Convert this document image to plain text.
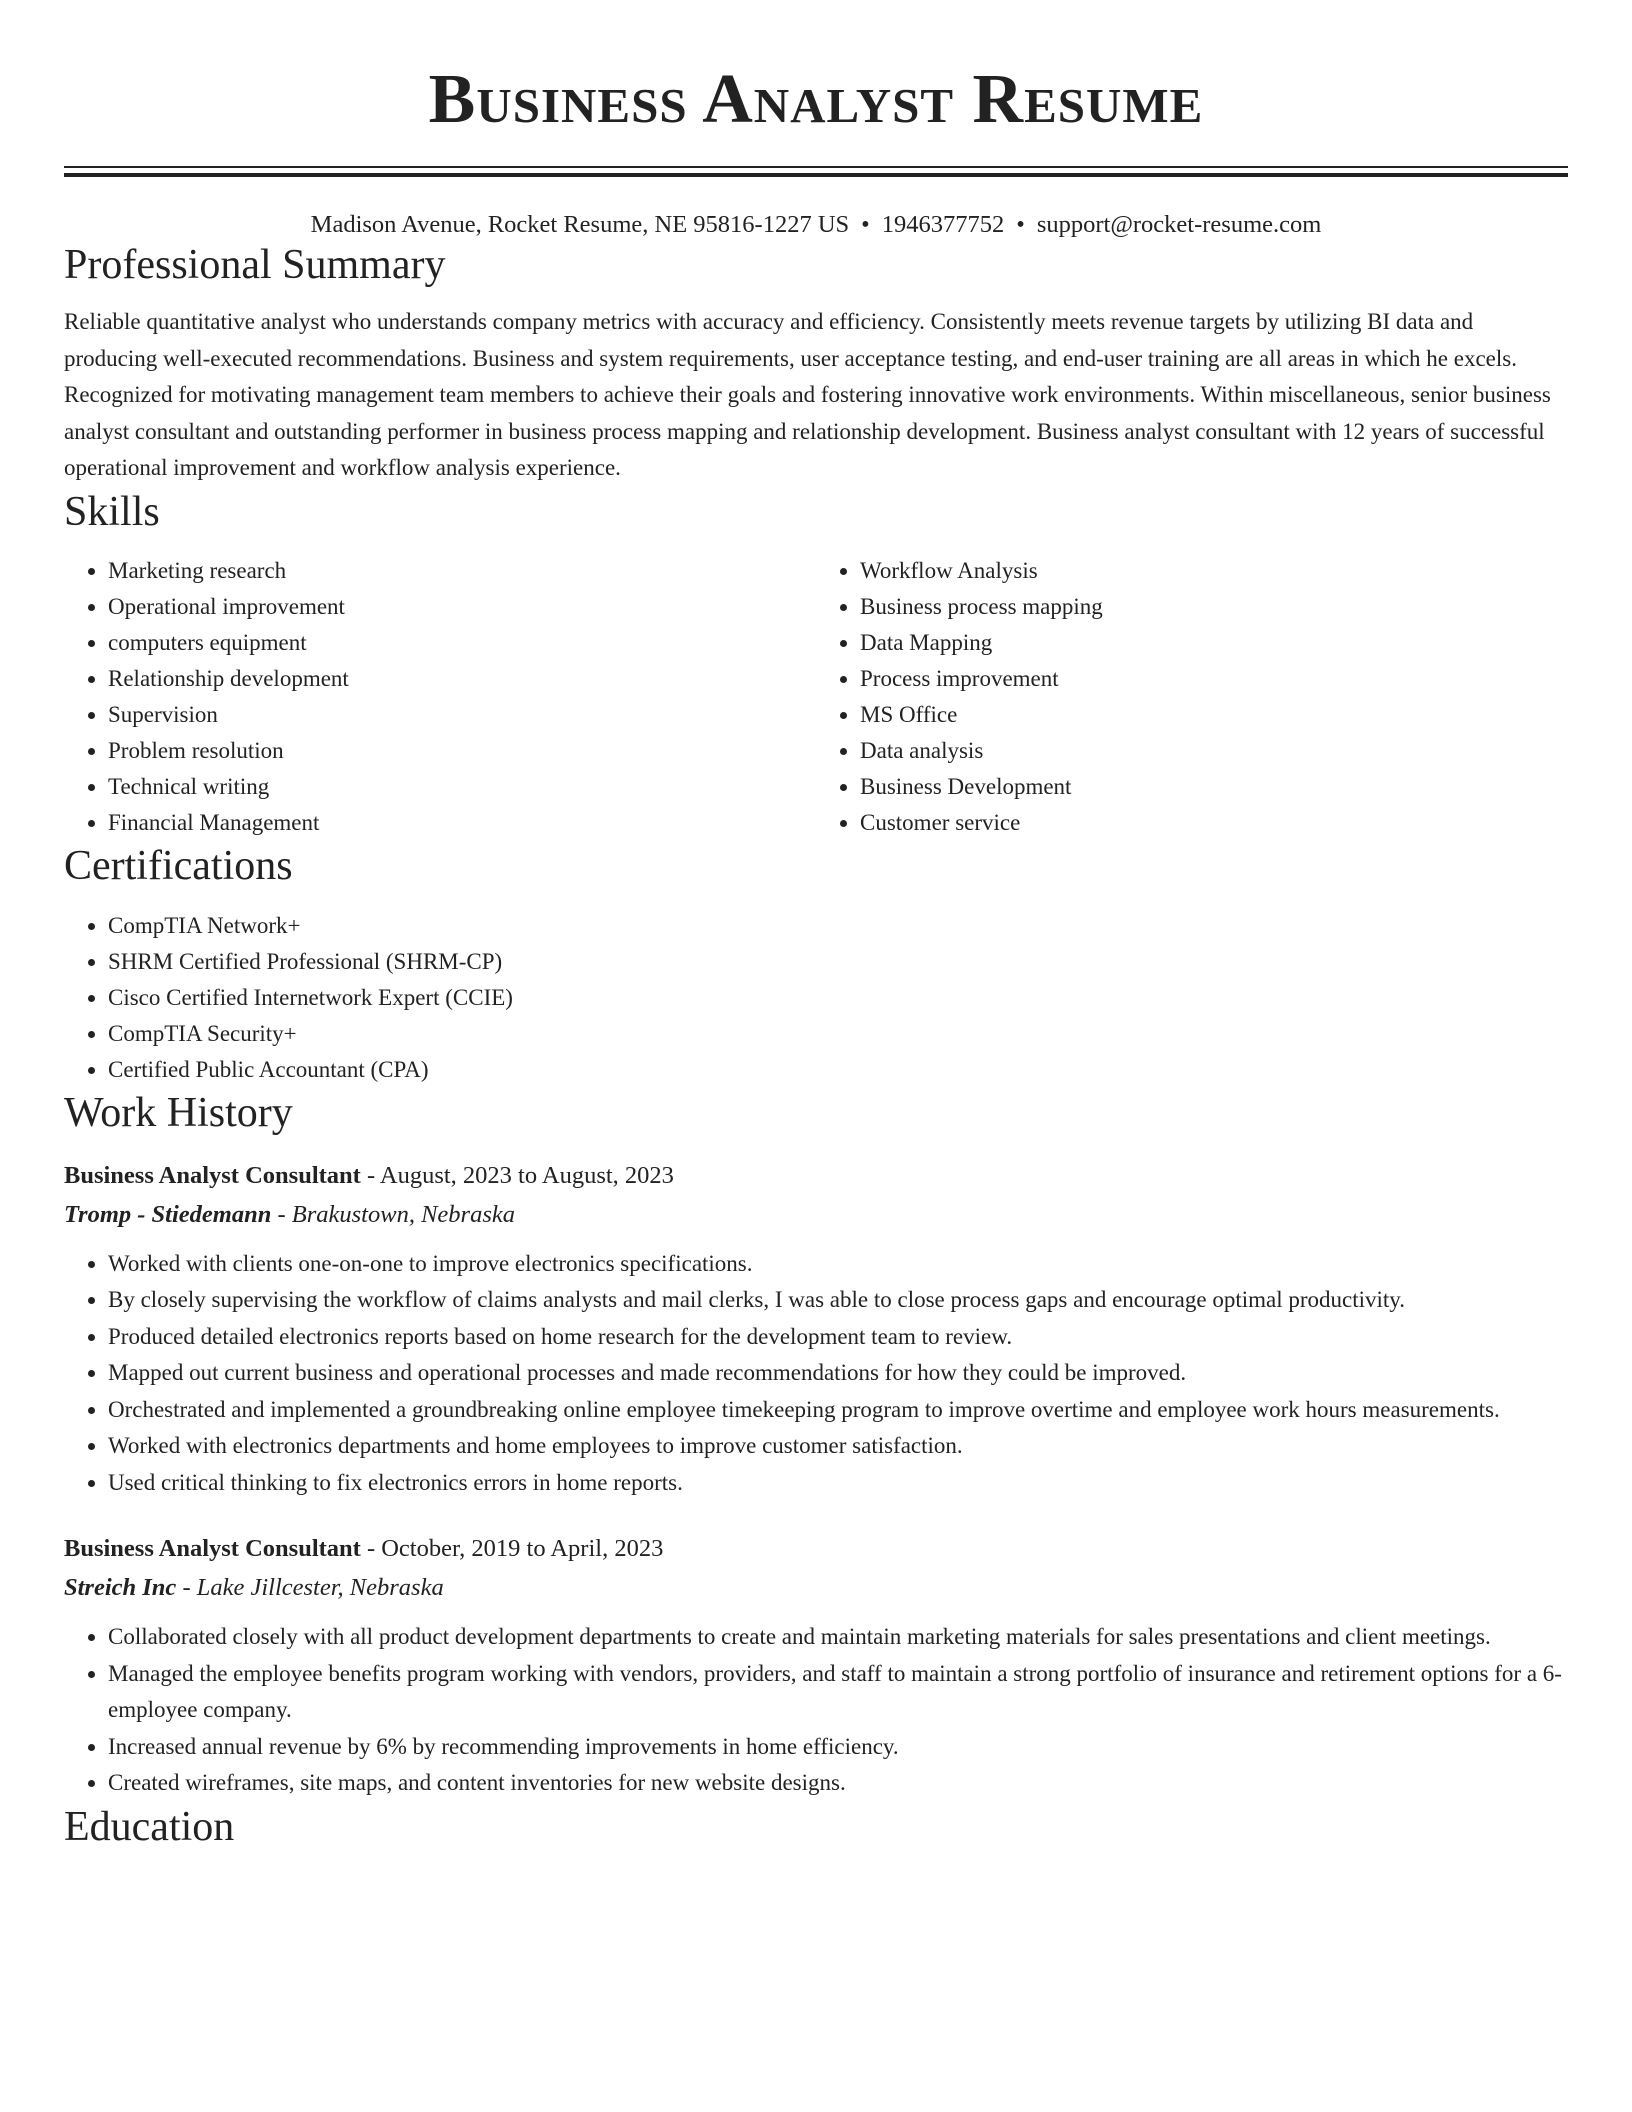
Business Analyst Resume
Madison Avenue, Rocket Resume, NE 95816-1227 US • 1946377752 • support@rocket-resume.com
Professional Summary

Reliable quantitative analyst who understands company metrics with accuracy and efficiency. Consistently meets revenue targets by utilizing BI data and producing well-executed recommendations. Business and system requirements, user acceptance testing, and end-user training are all areas in which he excels. Recognized for motivating management team members to achieve their goals and fostering innovative work environments. Within miscellaneous, senior business analyst consultant and outstanding performer in business process mapping and relationship development. Business analyst consultant with 12 years of successful operational improvement and workflow analysis experience.

Skills
• Marketing research
• Operational improvement
• computers equipment
• Relationship development
• Supervision
• Problem resolution
• Technical writing
• Financial Management
• Workflow Analysis
• Business process mapping
• Data Mapping
• Process improvement
• MS Office
• Data analysis
• Business Development
• Customer service
Certifications
• CompTIA Network+
• SHRM Certified Professional (SHRM-CP)
• Cisco Certified Internetwork Expert (CCIE)
• CompTIA Security+
• Certified Public Accountant (CPA)
Work History
Business Analyst Consultant - August, 2023 to August, 2023
Tromp - Stiedemann - Brakustown, Nebraska
• Worked with clients one-on-one to improve electronics specifications.
• By closely supervising the workflow of claims analysts and mail clerks, I was able to close process gaps and encourage optimal productivity.
• Produced detailed electronics reports based on home research for the development team to review.
• Mapped out current business and operational processes and made recommendations for how they could be improved.
• Orchestrated and implemented a groundbreaking online employee timekeeping program to improve overtime and employee work hours measurements.
• Worked with electronics departments and home employees to improve customer satisfaction.
• Used critical thinking to fix electronics errors in home reports.
Business Analyst Consultant - October, 2019 to April, 2023
Streich Inc - Lake Jillcester, Nebraska
• Collaborated closely with all product development departments to create and maintain marketing materials for sales presentations and client meetings.
• Managed the employee benefits program working with vendors, providers, and staff to maintain a strong portfolio of insurance and retirement options for a 6-employee company.
• Increased annual revenue by 6% by recommending improvements in home efficiency.
• Created wireframes, site maps, and content inventories for new website designs.
Education
